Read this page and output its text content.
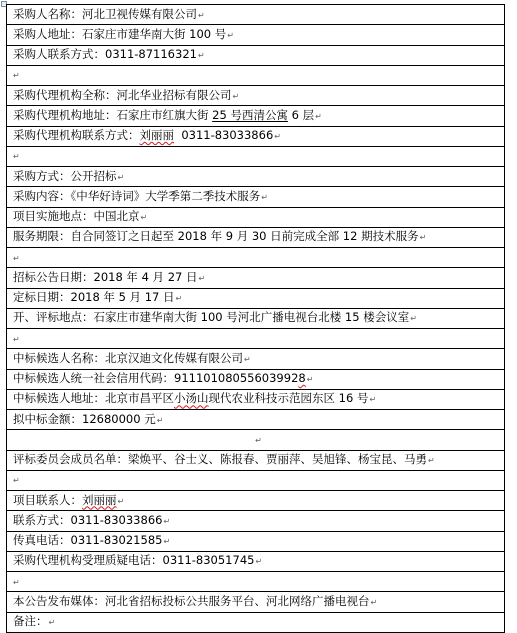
采购人名称：河北卫视传媒有限公司↵
采购人地址：石家庄市建华南大街 100 号↵
采购人联系方式：0311-87116321↵
↵
采购代理机构全称：河北华业招标有限公司↵
采购代理机构地址：石家庄市红旗大街 25 号西清公寓 6 层↵
采购代理机构联系方式：刘丽丽 0311-83033866↵
↵
采购方式：公开招标↵
采购内容：《中华好诗词》大学季第二季技术服务↵
项目实施地点：中国北京↵
服务期限：自合同签订之日起至 2018 年 9 月 30 日前完成全部 12 期技术服务↵
↵
招标公告日期：2018 年 4 月 27 日↵
定标日期：2018 年 5 月 17 日↵
开、评标地点：石家庄市建华南大街 100 号河北广播电视台北楼 15 楼会议室↵
↵
中标候选人名称：北京汉迪文化传媒有限公司↵
中标候选人统一社会信用代码：911101080556039928↵
中标候选人地址：北京市昌平区小汤山现代农业科技示范园东区 16 号↵
拟中标金额：12680000 元↵
↵
评标委员会成员名单：梁焕平、谷士义、陈报春、贾丽萍、吴旭锋、杨宝昆、马勇↵
↵
项目联系人：刘丽丽↵
联系方式：0311-83033866↵
传真电话：0311-83021585↵
采购代理机构受理质疑电话：0311-83051745↵
↵
本公告发布媒体：河北省招标投标公共服务平台、河北网络广播电视台↵
备注：↵
